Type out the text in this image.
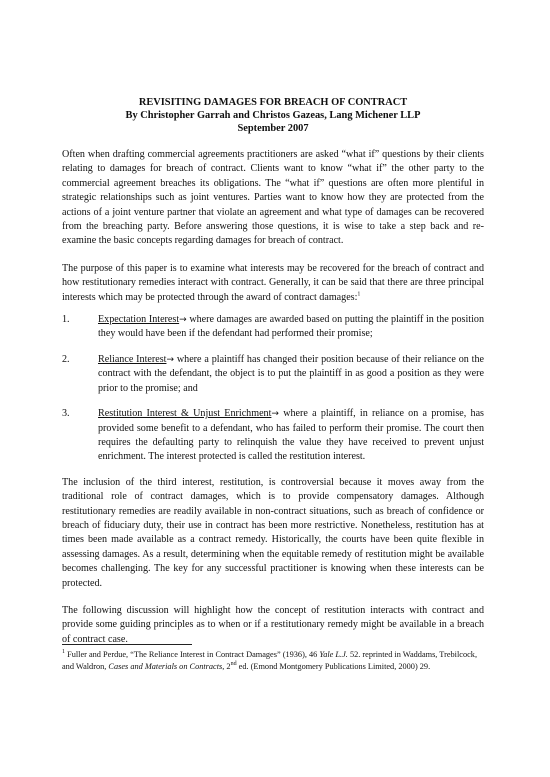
REVISITING DAMAGES FOR BREACH OF CONTRACT
By Christopher Garrah and Christos Gazeas, Lang Michener LLP
September 2007

Often when drafting commercial agreements practitioners are asked “what if” questions by their clients relating to damages for breach of contract. Clients want to know “what if” the other party to the commercial agreement breaches its obligations. The “what if” questions are often more plentiful in strategic relationships such as joint ventures. Parties want to know how they are protected from the actions of a joint venture partner that violate an agreement and what type of damages can be recovered from the breaching party. Before answering those questions, it is wise to take a step back and re-examine the basic concepts regarding damages for breach of contract.

The purpose of this paper is to examine what interests may be recovered for the breach of contract and how restitutionary remedies interact with contract. Generally, it can be said that there are three principal interests which may be protected through the award of contract damages:$^1$

1.	Expectation Interest→ where damages are awarded based on putting the plaintiff in the position they would have been if the defendant had performed their promise;
2.	Reliance Interest→ where a plaintiff has changed their position because of their reliance on the contract with the defendant, the object is to put the plaintiff in as good a position as they were prior to the promise; and
3.	Restitution Interest & Unjust Enrichment→ where a plaintiff, in reliance on a promise, has provided some benefit to a defendant, who has failed to perform their promise. The court then requires the defaulting party to relinquish the value they have received to prevent unjust enrichment. The interest protected is called the restitution interest.

The inclusion of the third interest, restitution, is controversial because it moves away from the traditional role of contract damages, which is to provide compensatory damages. Although restitutionary remedies are readily available in non-contract situations, such as breach of confidence or breach of fiduciary duty, their use in contract has been more restrictive. Nonetheless, restitution has at times been made available as a contract remedy. Historically, the courts have been quite flexible in assessing damages. As a result, determining when the equitable remedy of restitution might be available becomes challenging. The key for any successful practitioner is knowing when these interests can be protected.

The following discussion will highlight how the concept of restitution interacts with contract and provide some guiding principles as to when or if a restitutionary remedy might be available in a breach of contract case.

$^1$ Fuller and Perdue, “The Reliance Interest in Contract Damages” (1936), 46 Yale L.J. 52. reprinted in Waddams, Trebilcock, and Waldron, Cases and Materials on Contracts, 2nd ed. (Emond Montgomery Publications Limited, 2000) 29.
